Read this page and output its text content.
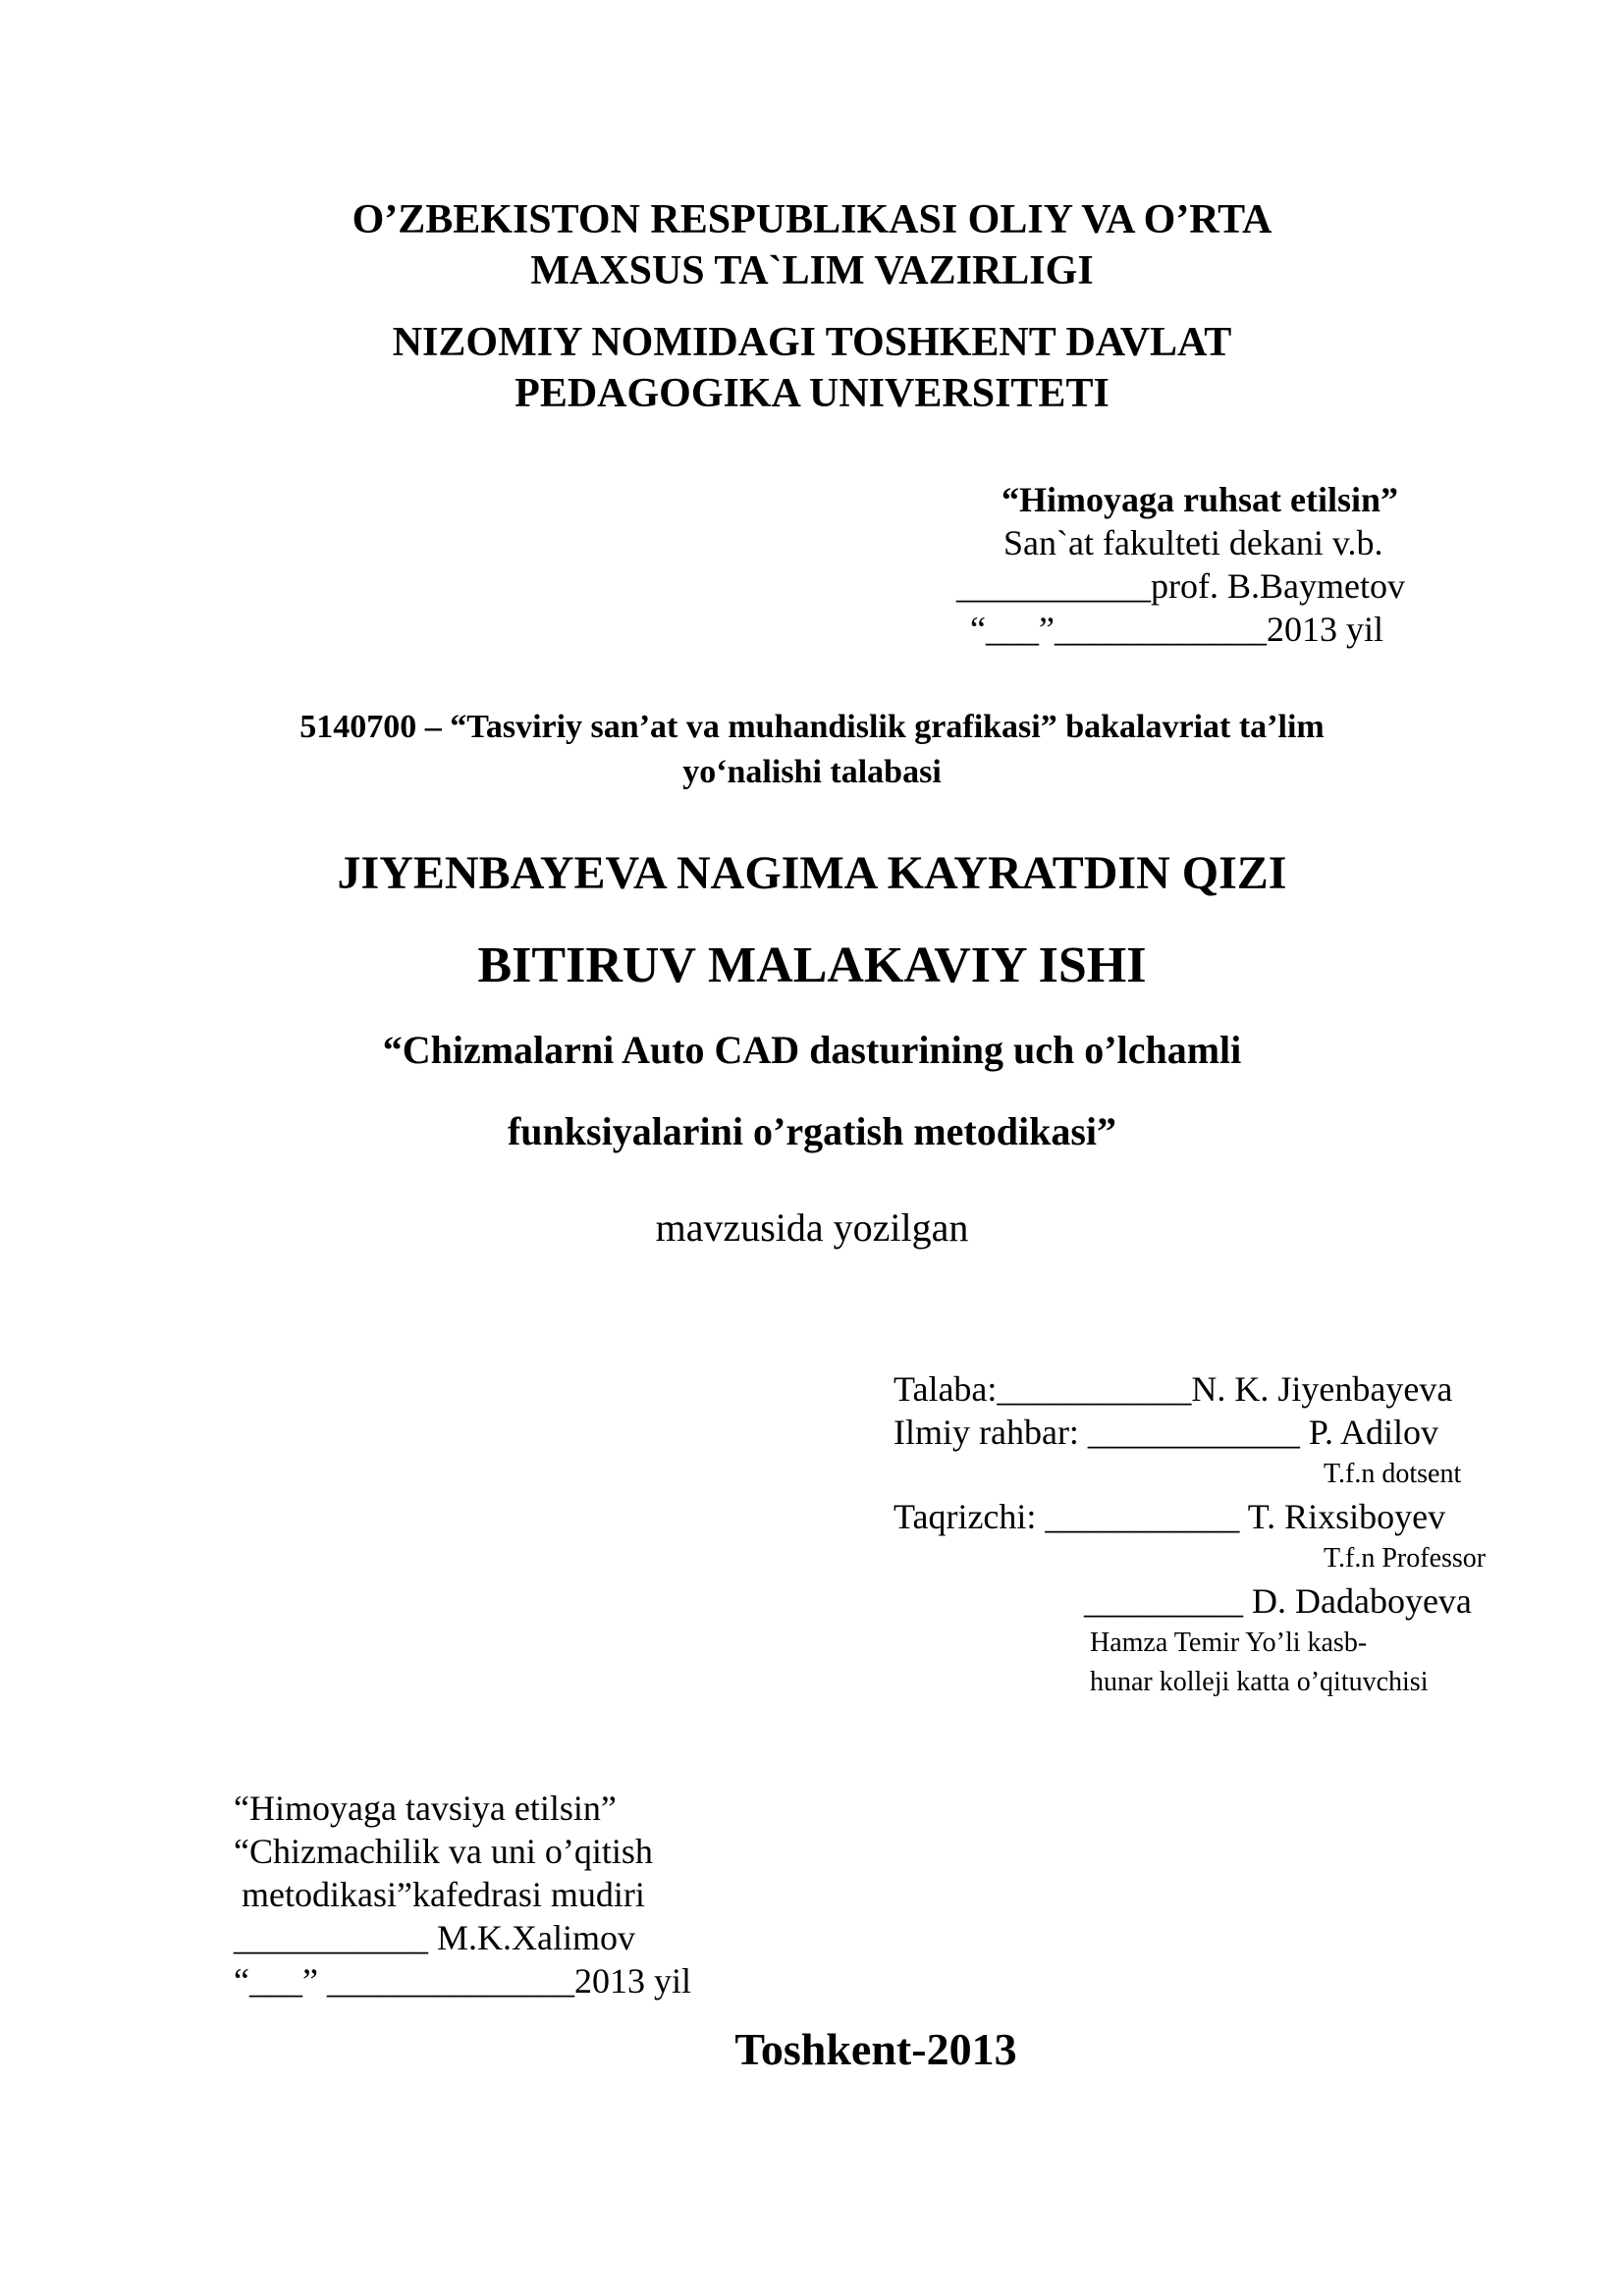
O’ZBEKISTON RESPUBLIKASI OLIY VA O’RTA
MAXSUS TA`LIM VAZIRLIGI
NIZOMIY NOMIDAGI TOSHKENT DAVLAT
PEDAGOGIKA UNIVERSITETI
“Himoyaga ruhsat etilsin”
San`at fakulteti dekani v.b.
___________prof. B.Baymetov
“___”____________2013 yil
5140700 – “Tasviriy san’at va muhandislik grafikasi” bakalavriat ta’lim
yo‘nalishi talabasi
JIYENBAYEVA NAGIMA KAYRATDIN QIZI
BITIRUV MALAKAVIY ISHI
“Chizmalarni Auto CAD dasturining uch o’lchamli
funksiyalarini o’rgatish metodikasi”
mavzusida yozilgan
Talaba:___________N. K. Jiyenbayeva
Ilmiy rahbar: ____________ P. Adilov
T.f.n dotsent
Taqrizchi: ___________ T. Rixsiboyev
T.f.n Professor
_________ D. Dadaboyeva
Hamza Temir Yo’li kasb-
hunar kolleji katta o’qituvchisi
“Himoyaga tavsiya etilsin”
“Chizmachilik va uni o’qitish
metodikasi”kafedrasi mudiri
___________ M.K.Xalimov
“___” ______________2013 yil
Toshkent-2013
